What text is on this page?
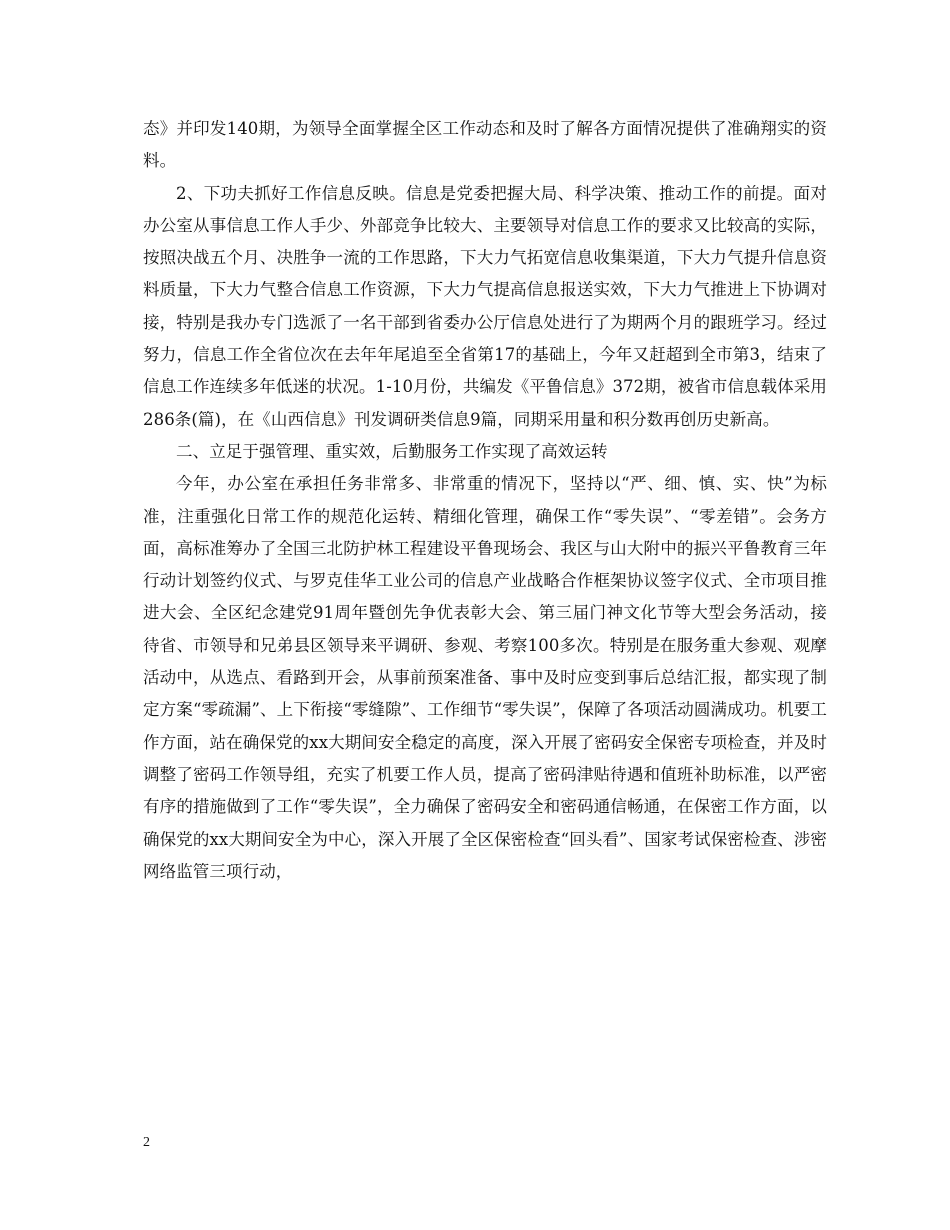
态》并印发140期，为领导全面掌握全区工作动态和及时了解各方面情况提供了准确翔实的资料。

2、下功夫抓好工作信息反映。信息是党委把握大局、科学决策、推动工作的前提。面对办公室从事信息工作人手少、外部竞争比较大、主要领导对信息工作的要求又比较高的实际，按照决战五个月、决胜争一流的工作思路，下大力气拓宽信息收集渠道，下大力气提升信息资料质量，下大力气整合信息工作资源，下大力气提高信息报送实效，下大力气推进上下协调对接，特别是我办专门选派了一名干部到省委办公厅信息处进行了为期两个月的跟班学习。经过努力，信息工作全省位次在去年年尾追至全省第17的基础上，今年又赶超到全市第3，结束了信息工作连续多年低迷的状况。1-10月份，共编发《平鲁信息》372期，被省市信息载体采用286条(篇)，在《山西信息》刊发调研类信息9篇，同期采用量和积分数再创历史新高。

二、立足于强管理、重实效，后勤服务工作实现了高效运转

今年，办公室在承担任务非常多、非常重的情况下，坚持以“严、细、慎、实、快”为标准，注重强化日常工作的规范化运转、精细化管理，确保工作“零失误”、“零差错”。会务方面，高标准筹办了全国三北防护林工程建设平鲁现场会、我区与山大附中的振兴平鲁教育三年行动计划签约仪式、与罗克佳华工业公司的信息产业战略合作框架协议签字仪式、全市项目推进大会、全区纪念建党91周年暨创先争优表彰大会、第三届门神文化节等大型会务活动，接待省、市领导和兄弟县区领导来平调研、参观、考察100多次。特别是在服务重大参观、观摩活动中，从选点、看路到开会，从事前预案准备、事中及时应变到事后总结汇报，都实现了制定方案“零疏漏”、上下衔接“零缝隙”、工作细节“零失误”，保障了各项活动圆满成功。机要工作方面，站在确保党的xx大期间安全稳定的高度，深入开展了密码安全保密专项检查，并及时调整了密码工作领导组，充实了机要工作人员，提高了密码津贴待遇和值班补助标准，以严密有序的措施做到了工作“零失误”，全力确保了密码安全和密码通信畅通，在保密工作方面，以确保党的xx大期间安全为中心，深入开展了全区保密检查“回头看”、国家考试保密检查、涉密网络监管三项行动，

2
